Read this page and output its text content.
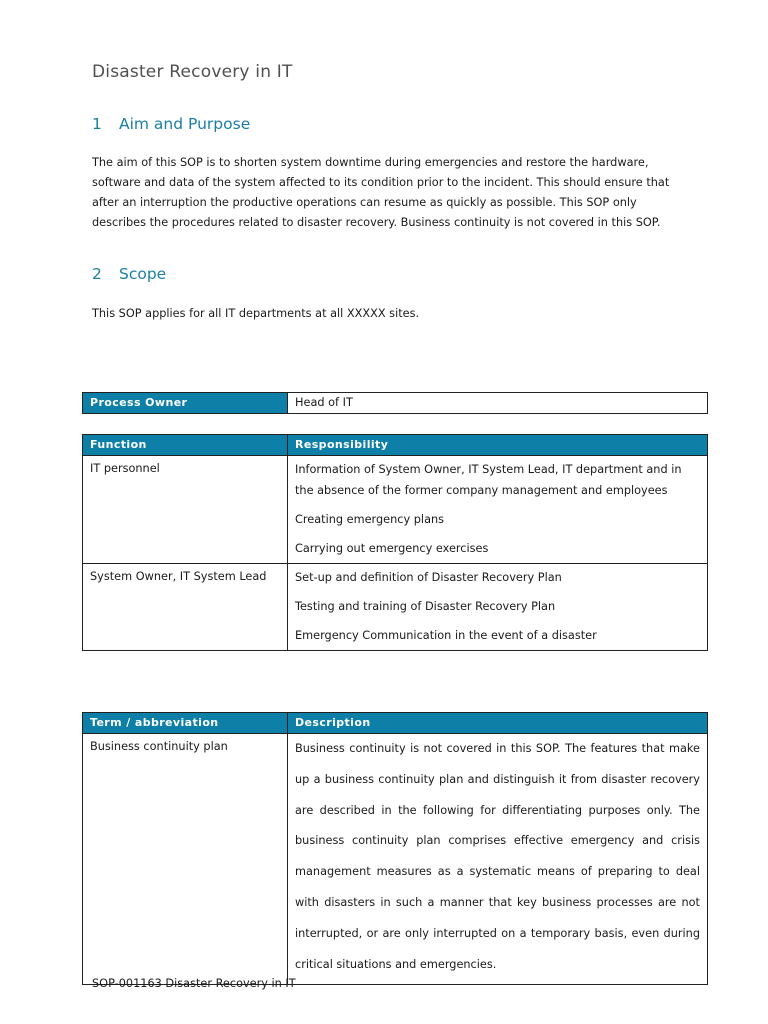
Disaster Recovery in IT
1 Aim and Purpose
The aim of this SOP is to shorten system downtime during emergencies and restore the hardware, software and data of the system affected to its condition prior to the incident. This should ensure that after an interruption the productive operations can resume as quickly as possible. This SOP only describes the procedures related to disaster recovery. Business continuity is not covered in this SOP.
2 Scope
This SOP applies for all IT departments at all XXXXX sites.
Process Owner	Head of IT
Function	Responsibility
IT personnel	Information of System Owner, IT System Lead, IT department and in the absence of the former company management and employees
Creating emergency plans
Carrying out emergency exercises

System Owner, IT System Lead	Set-up and definition of Disaster Recovery Plan
Testing and training of Disaster Recovery Plan
Emergency Communication in the event of a disaster
Term / abbreviation	Description
Business continuity plan	Business continuity is not covered in this SOP. The features that make up a business continuity plan and distinguish it from disaster recovery are described in the following for differentiating purposes only. The business continuity plan comprises effective emergency and crisis management measures as a systematic means of preparing to deal with disasters in such a manner that key business processes are not interrupted, or are only interrupted on a temporary basis, even during critical situations and emergencies.
SOP-001163 Disaster Recovery in IT
